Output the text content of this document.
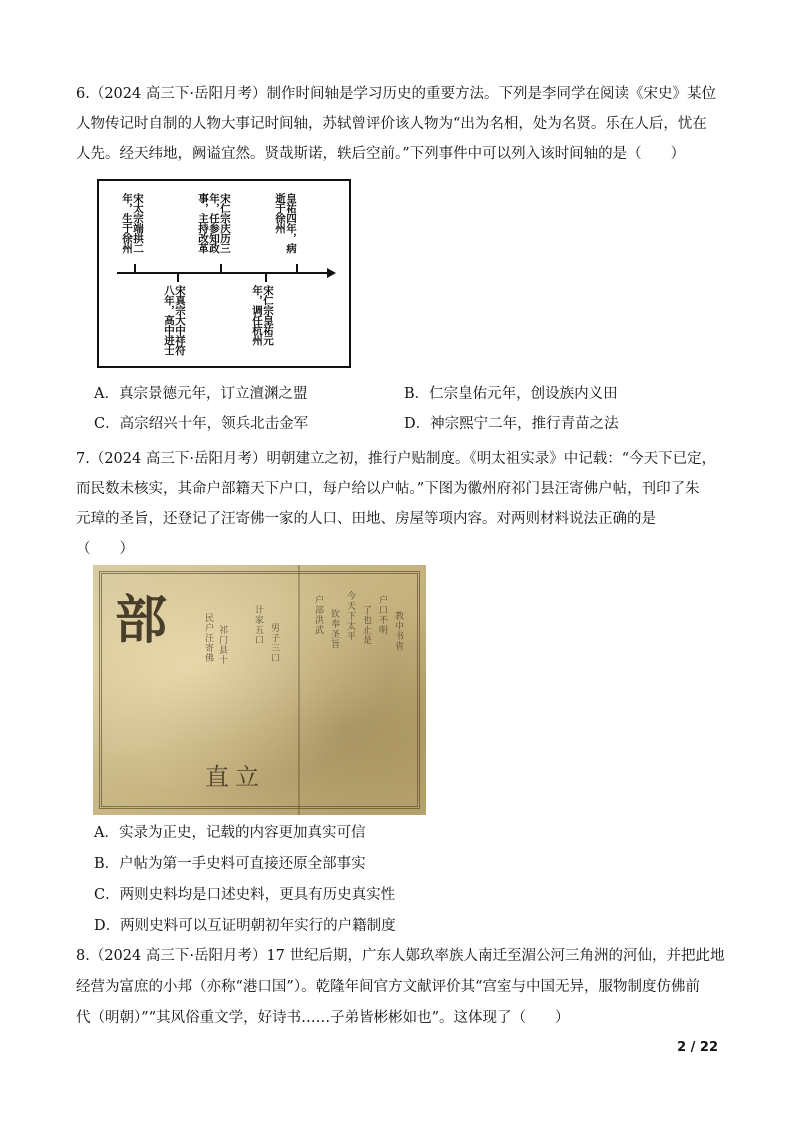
6.（2024 高三下·岳阳月考）制作时间轴是学习历史的重要方法。下列是李同学在阅读《宋史》某位
人物传记时自制的人物大事记时间轴，苏轼曾评价该人物为“出为名相，处为名贤。乐在人后，忧在
人先。经天纬地，阙谥宜然。贤哉斯诺，轶后空前。”下列事件中可以列入该时间轴的是（　　）
宋太宗端拱二年，生于徐州	宋仁宗庆历三年，任参知政事，主持改革	皇祐四年，病逝于徐州
宋真宗大中祥符八年，高中进士	宋仁宗皇祐元年，调任杭州
A．真宗景德元年，订立澶渊之盟	B．仁宗皇佑元年，创设族内义田
C．高宗绍兴十年，领兵北击金军	D．神宗熙宁二年，推行青苗之法
7.（2024 高三下·岳阳月考）明朝建立之初，推行户贴制度。《明太祖实录》中记载：“今天下已定，
而民数未核实，其命户部籍天下户口，每户给以户帖。”下图为徽州府祁门县汪寄佛户帖，刊印了朱
元璋的圣旨，还登记了汪寄佛一家的人口、田地、房屋等项内容。对两则材料说法正确的是
（　　）
部
直立
民户汪寄佛 祁门县十	计家五口 男子三口
户部洪武 钦奉圣旨 今天下太平 了也止是 户口不明 教中书省
A．实录为正史，记载的内容更加真实可信
B．户帖为第一手史料可直接还原全部事实
C．两则史料均是口述史料，更具有历史真实性
D．两则史料可以互证明朝初年实行的户籍制度
8.（2024 高三下·岳阳月考）17 世纪后期，广东人鄚玖率族人南迁至湄公河三角洲的河仙，并把此地
经营为富庶的小邦（亦称“港口国”）。乾隆年间官方文献评价其“宫室与中国无异，服物制度仿佛前
代（明朝）”“其风俗重文学，好诗书……子弟皆彬彬如也”。这体现了（　　）
2 / 22
